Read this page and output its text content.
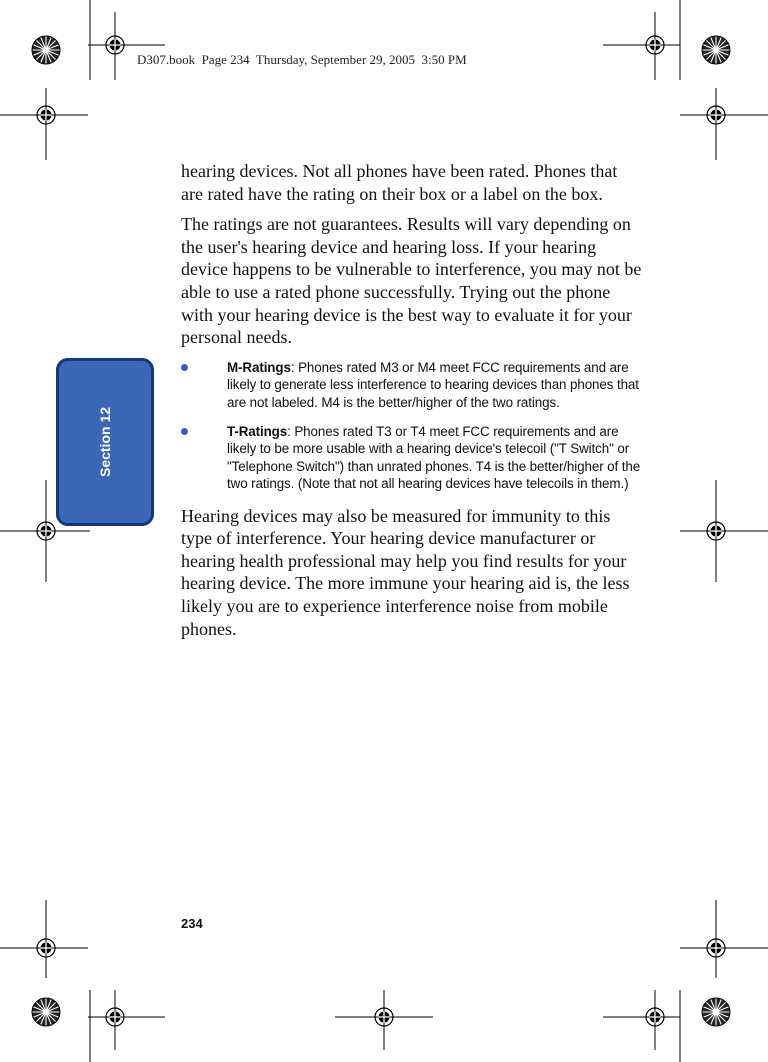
D307.book  Page 234  Thursday, September 29, 2005  3:50 PM
Section 12

hearing devices. Not all phones have been rated. Phones that are rated have the rating on their box or a label on the box.

The ratings are not guarantees. Results will vary depending on the user's hearing device and hearing loss. If your hearing device happens to be vulnerable to interference, you may not be able to use a rated phone successfully. Trying out the phone with your hearing device is the best way to evaluate it for your personal needs.

M-Ratings: Phones rated M3 or M4 meet FCC requirements and are likely to generate less interference to hearing devices than phones that are not labeled. M4 is the better/higher of the two ratings.
T-Ratings: Phones rated T3 or T4 meet FCC requirements and are likely to be more usable with a hearing device's telecoil ("T Switch" or "Telephone Switch") than unrated phones. T4 is the better/higher of the two ratings. (Note that not all hearing devices have telecoils in them.)

Hearing devices may also be measured for immunity to this type of interference. Your hearing device manufacturer or hearing health professional may help you find results for your hearing device. The more immune your hearing aid is, the less likely you are to experience interference noise from mobile phones.

234
